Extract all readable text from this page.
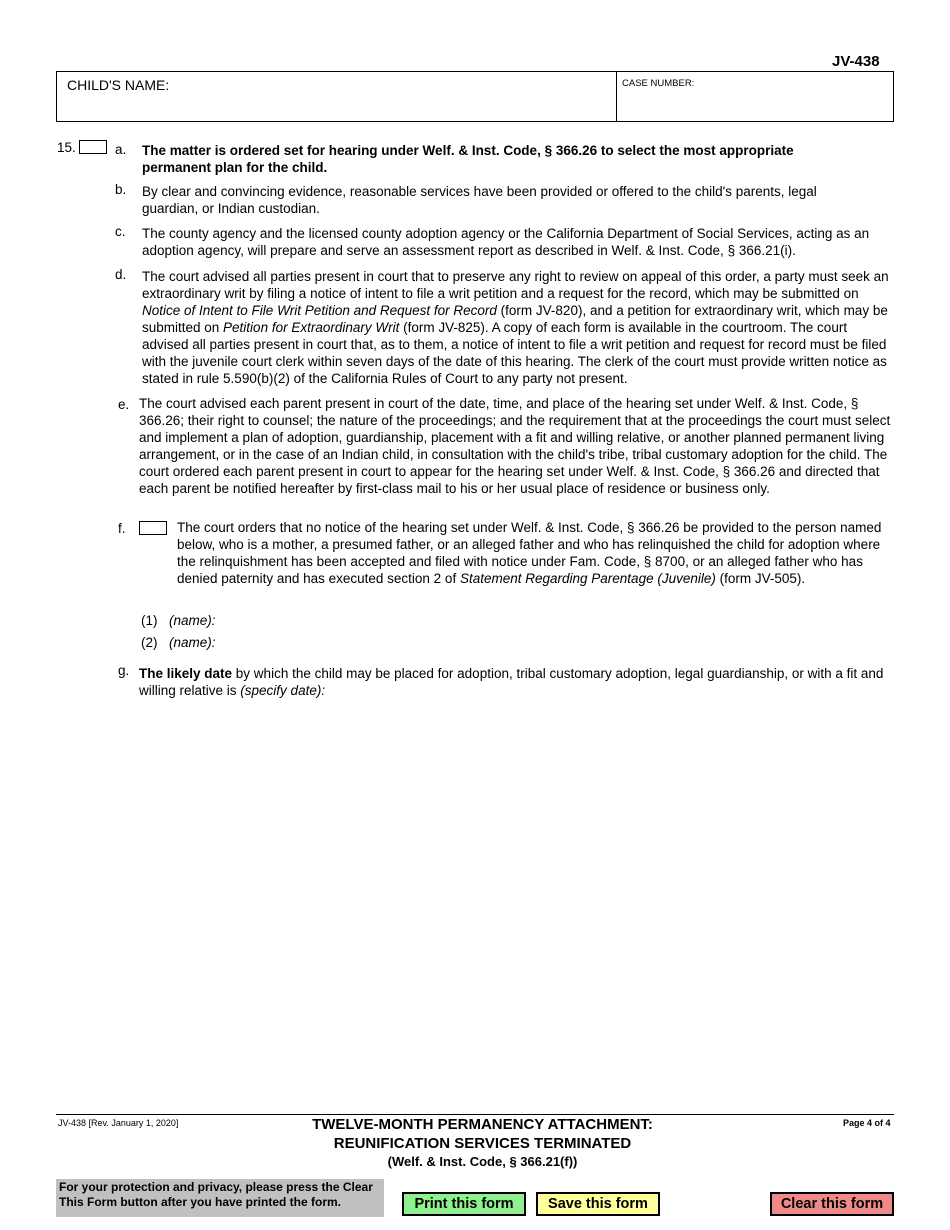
JV-438
CHILD'S NAME:	CASE NUMBER:
15.	a. The matter is ordered set for hearing under Welf. & Inst. Code, § 366.26 to select the most appropriate permanent plan for the child.
b. By clear and convincing evidence, reasonable services have been provided or offered to the child's parents, legal guardian, or Indian custodian.
c. The county agency and the licensed county adoption agency or the California Department of Social Services, acting as an adoption agency, will prepare and serve an assessment report as described in Welf. & Inst. Code, § 366.21(i).
d. The court advised all parties present in court that to preserve any right to review on appeal of this order, a party must seek an extraordinary writ by filing a notice of intent to file a writ petition and a request for the record, which may be submitted on Notice of Intent to File Writ Petition and Request for Record (form JV-820), and a petition for extraordinary writ, which may be submitted on Petition for Extraordinary Writ (form JV-825). A copy of each form is available in the courtroom. The court advised all parties present in court that, as to them, a notice of intent to file a writ petition and request for record must be filed with the juvenile court clerk within seven days of the date of this hearing. The clerk of the court must provide written notice as stated in rule 5.590(b)(2) of the California Rules of Court to any party not present.
e. The court advised each parent present in court of the date, time, and place of the hearing set under Welf. & Inst. Code, § 366.26; their right to counsel; the nature of the proceedings; and the requirement that at the proceedings the court must select and implement a plan of adoption, guardianship, placement with a fit and willing relative, or another planned permanent living arrangement, or in the case of an Indian child, in consultation with the child's tribe, tribal customary adoption for the child. The court ordered each parent present in court to appear for the hearing set under Welf. & Inst. Code, § 366.26 and directed that each parent be notified hereafter by first-class mail to his or her usual place of residence or business only.
f.	The court orders that no notice of the hearing set under Welf. & Inst. Code, § 366.26 be provided to the person named below, who is a mother, a presumed father, or an alleged father and who has relinquished the child for adoption where the relinquishment has been accepted and filed with notice under Fam. Code, § 8700, or an alleged father who has denied paternity and has executed section 2 of Statement Regarding Parentage (Juvenile) (form JV-505).
(1) (name):
(2) (name):
g. The likely date by which the child may be placed for adoption, tribal customary adoption, legal guardianship, or with a fit and willing relative is (specify date):
JV-438 [Rev. January 1, 2020]	TWELVE-MONTH PERMANENCY ATTACHMENT:
REUNIFICATION SERVICES TERMINATED
(Welf. & Inst. Code, § 366.21(f))
Page 4 of 4
For your protection and privacy, please press the Clear This Form button after you have printed the form.	Print this form	Save this form	Clear this form
